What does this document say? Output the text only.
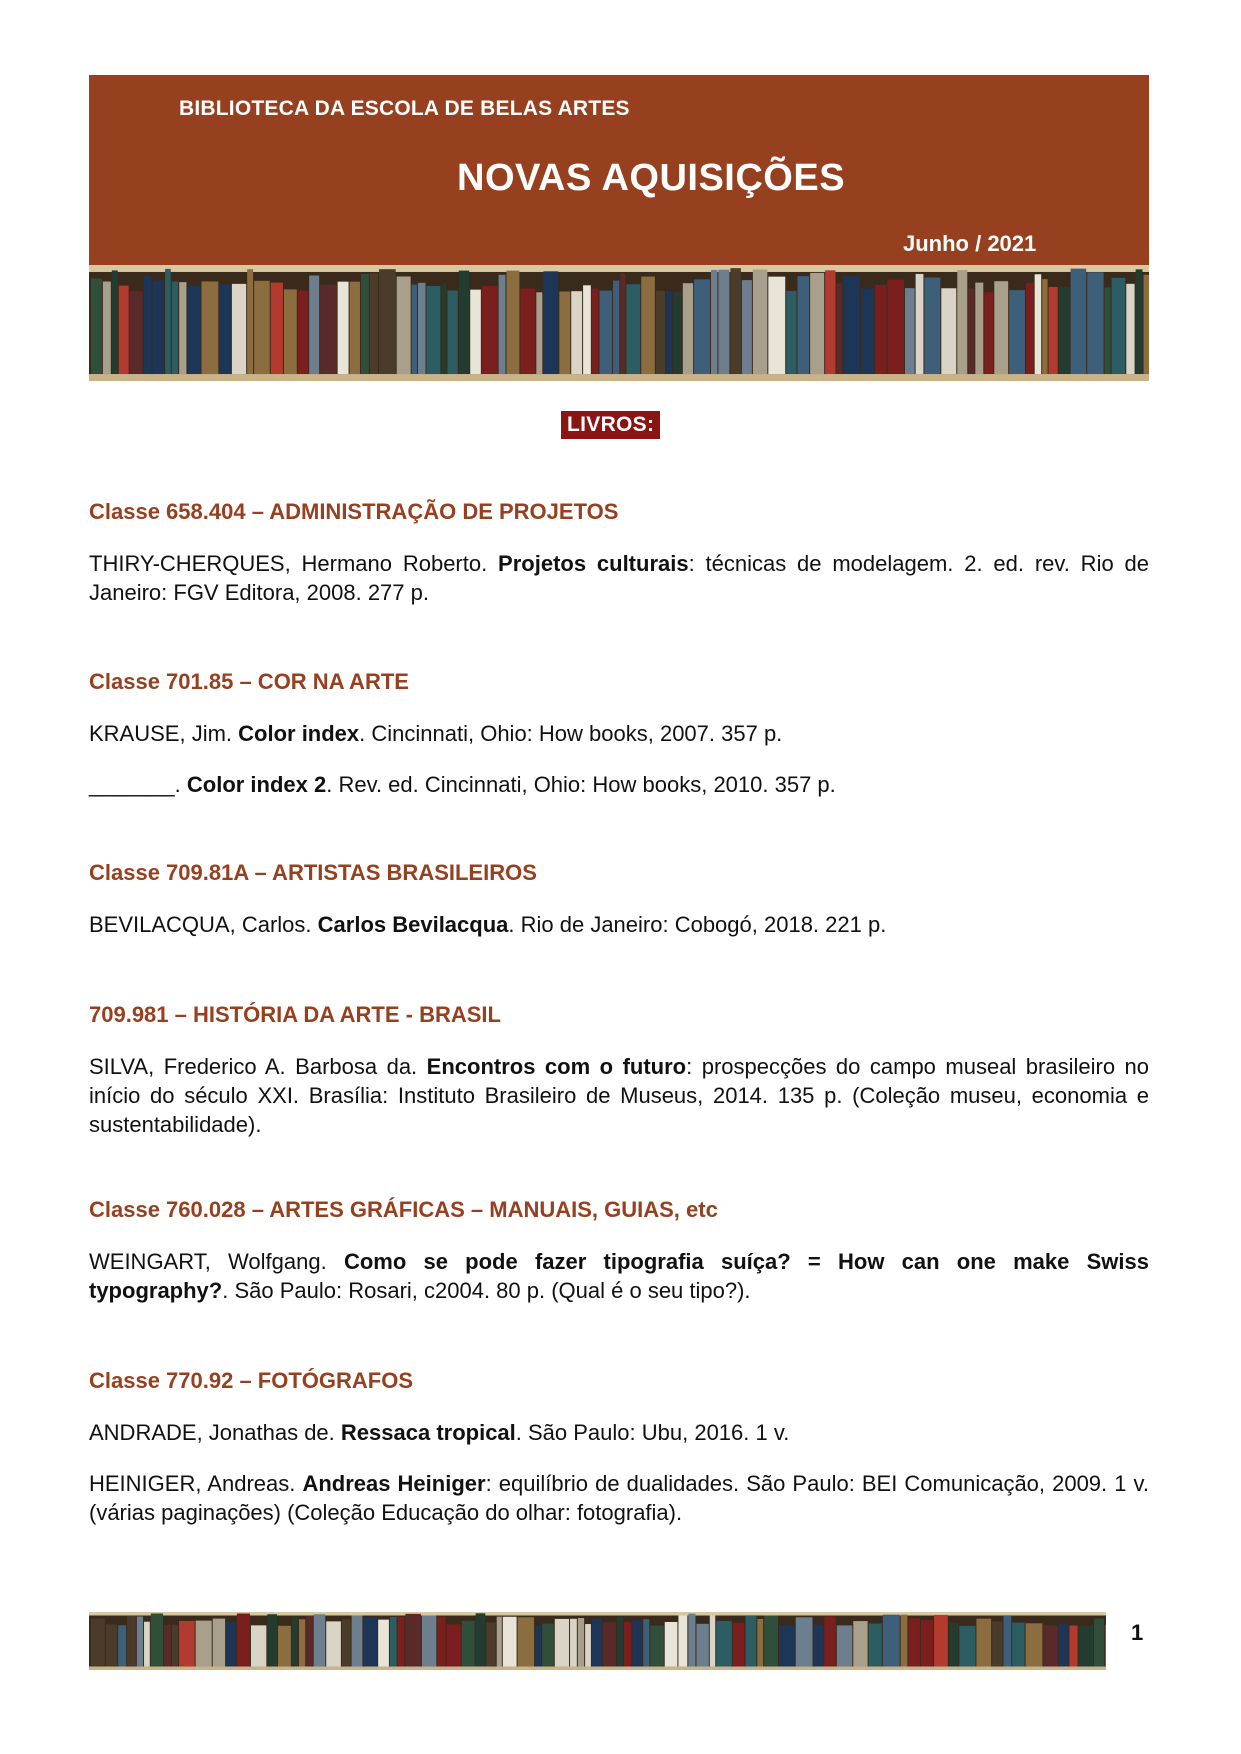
BIBLIOTECA DA ESCOLA DE BELAS ARTES
NOVAS AQUISIÇÕES
Junho / 2021
LIVROS:

Classe 658.404 – ADMINISTRAÇÃO DE PROJETOS

THIRY-CHERQUES, Hermano Roberto. Projetos culturais: técnicas de modelagem. 2. ed. rev. Rio de Janeiro: FGV Editora, 2008. 277 p.

Classe 701.85 – COR NA ARTE

KRAUSE, Jim. Color index. Cincinnati, Ohio: How books, 2007. 357 p.

_______. Color index 2. Rev. ed. Cincinnati, Ohio: How books, 2010. 357 p.

Classe 709.81A – ARTISTAS BRASILEIROS

BEVILACQUA, Carlos. Carlos Bevilacqua. Rio de Janeiro: Cobogó, 2018. 221 p.

709.981 – HISTÓRIA DA ARTE - BRASIL

SILVA, Frederico A. Barbosa da. Encontros com o futuro: prospecções do campo museal brasileiro no início do século XXI. Brasília: Instituto Brasileiro de Museus, 2014. 135 p. (Coleção museu, economia e sustentabilidade).

Classe 760.028 – ARTES GRÁFICAS – MANUAIS, GUIAS, etc

WEINGART, Wolfgang. Como se pode fazer tipografia suíça? = How can one make Swiss typography?. São Paulo: Rosari, c2004. 80 p. (Qual é o seu tipo?).

Classe 770.92 – FOTÓGRAFOS

ANDRADE, Jonathas de. Ressaca tropical. São Paulo: Ubu, 2016. 1 v.

HEINIGER, Andreas. Andreas Heiniger: equilíbrio de dualidades. São Paulo: BEI Comunicação, 2009. 1 v. (várias paginações) (Coleção Educação do olhar: fotografia).

1
